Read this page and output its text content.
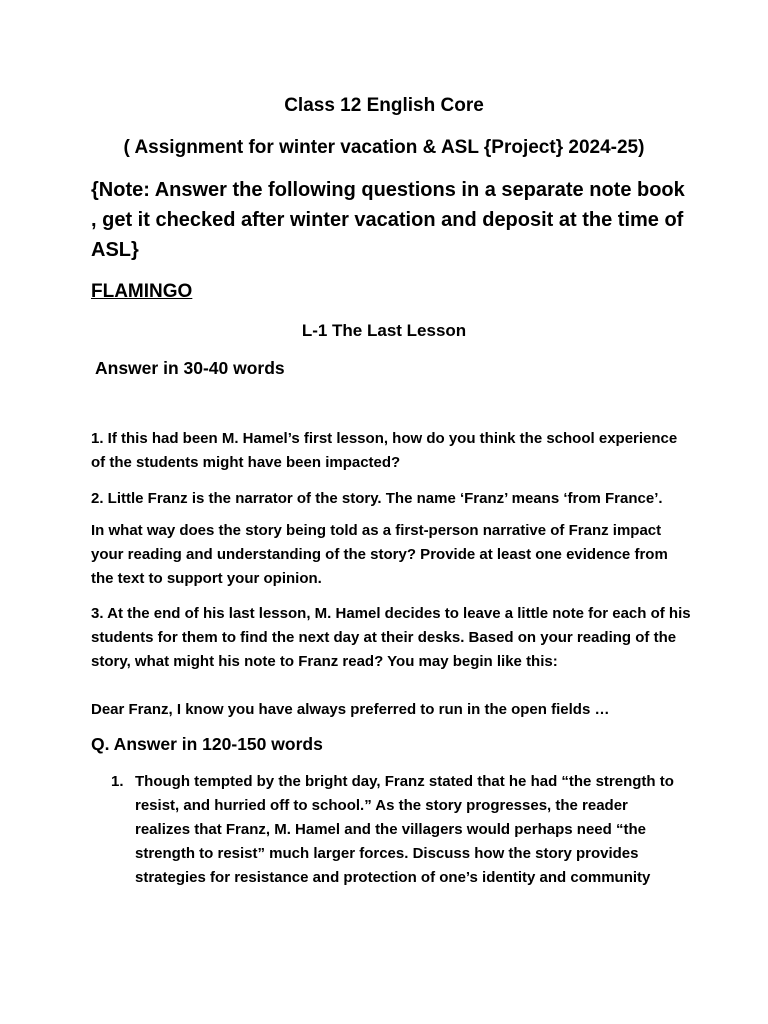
Class 12 English Core
( Assignment for winter vacation & ASL {Project} 2024-25)
{Note: Answer the following questions in a separate note book , get it checked after winter vacation and deposit at the time of ASL}
FLAMINGO
L-1 The Last Lesson
Answer in 30-40 words
1. If this had been M. Hamel’s first lesson, how do you think the school experience of the students might have been impacted?
2. Little Franz is the narrator of the story. The name ‘Franz’ means ‘from France’.
In what way does the story being told as a first-person narrative of Franz impact your reading and understanding of the story? Provide at least one evidence from the text to support your opinion.
3. At the end of his last lesson, M. Hamel decides to leave a little note for each of his students for them to find the next day at their desks. Based on your reading of the story, what might his note to Franz read? You may begin like this:
Dear Franz, I know you have always preferred to run in the open fields …
Q. Answer in 120-150 words
1. Though tempted by the bright day, Franz stated that he had “the strength to resist, and hurried off to school.” As the story progresses, the reader realizes that Franz, M. Hamel and the villagers would perhaps need “the strength to resist” much larger forces. Discuss how the story provides strategies for resistance and protection of one’s identity and community
